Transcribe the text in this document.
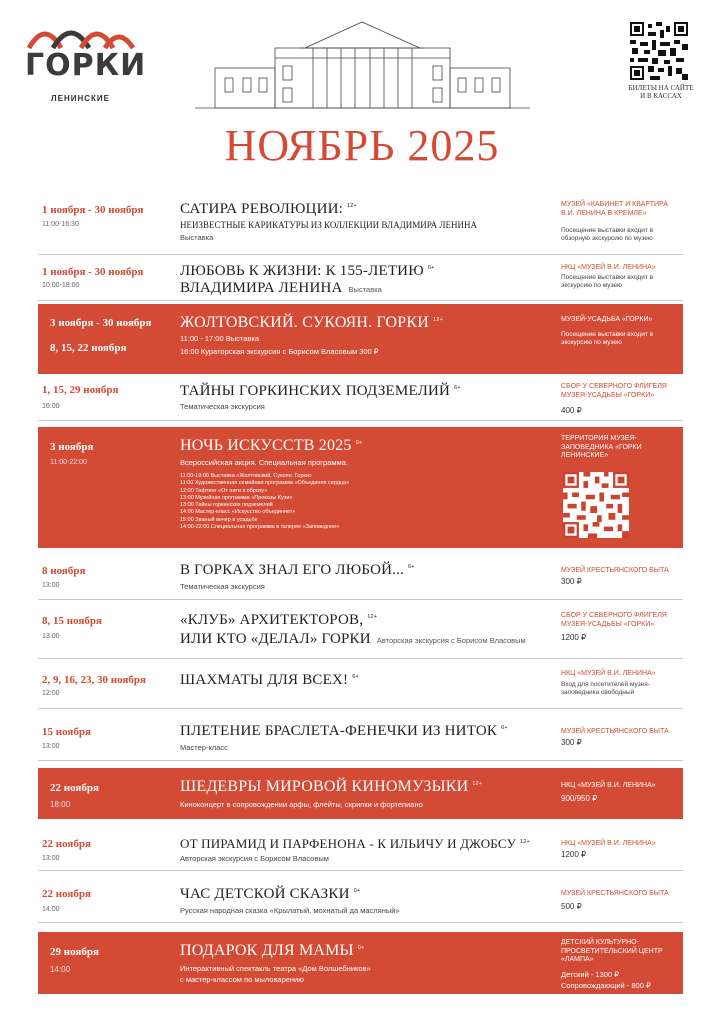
ГОРКИ
ЛЕНИНСКИЕ
БИЛЕТЫ НА САЙТЕ
И В КАССАХ
НОЯБРЬ 2025
1 ноября - 30 ноября
11:00-16:30
САТИРА РЕВОЛЮЦИИ: $^{12+}$
НЕИЗВЕСТНЫЕ КАРИКАТУРЫ ИЗ КОЛЛЕКЦИИ ВЛАДИМИРА ЛЕНИНА
Выставка
МУЗЕЙ «КАБИНЕТ И КВАРТИРА В.И. ЛЕНИНА В КРЕМЛЕ»
Посещение выставки входит в обзорную экскурсию по музею
1 ноября - 30 ноября
10:00-18:00
ЛЮБОВЬ К ЖИЗНИ: К 155-ЛЕТИЮ $^{6+}$
ВЛАДИМИРА ЛЕНИНА Выставка
НКЦ «МУЗЕЙ В.И. ЛЕНИНА»
Посещение выставки входит в экскурсию по музею
3 ноября - 30 ноября
8, 15, 22 ноября
ЖОЛТОВСКИЙ. СУКОЯН. ГОРКИ $^{12+}$
11:00 - 17:00 Выставка
16:00 Кураторская экскурсия с Борисом Власовым 300 ₽
МУЗЕЙ-УСАДЬБА «ГОРКИ»
Посещение выставки входит в экскурсию по музею
1, 15, 29 ноября
16:00
ТАЙНЫ ГОРКИНСКИХ ПОДЗЕМЕЛИЙ $^{6+}$
Тематическая экскурсия
СБОР У СЕВЕРНОГО ФЛИГЕЛЯ МУЗЕЯ-УСАДЬБЫ «ГОРКИ»
400 ₽
3 ноября
11:00-22:00
НОЧЬ ИСКУССТВ 2025 $^{0+}$
Всероссийская акция. Специальная программа.
11:00-19:00 Выставка «Жолтовский. Сукоян. Горки»
11:00 Художественная семейная программа «Объединяя сердца»
12:00 Тафтинг «От нити к образу»
13:00 Музейная программа «Проказы Кузи»
13:00 Тайны горкинских подземелий
14:00 Мастер-класс «Искусство объединяет»
15:00 Званый вечер в усадьбе
14:00-22:00 Специальная программа в галерее «Заповедное»
ТЕРРИТОРИЯ МУЗЕЯ-ЗАПОВЕДНИКА «ГОРКИ ЛЕНИНСКИЕ»
8 ноября
13:00
В ГОРКАХ ЗНАЛ ЕГО ЛЮБОЙ... $^{6+}$
Тематическая экскурсия
МУЗЕЙ КРЕСТЬЯНСКОГО БЫТА
300 ₽
8, 15 ноября
13:00
«КЛУБ» АРХИТЕКТОРОВ, $^{12+}$
ИЛИ КТО «ДЕЛАЛ» ГОРКИ Авторская экскурсия с Борисом Власовым
СБОР У СЕВЕРНОГО ФЛИГЕЛЯ МУЗЕЯ-УСАДЬБЫ «ГОРКИ»
1200 ₽
2, 9, 16, 23, 30 ноября
12:00
ШАХМАТЫ ДЛЯ ВСЕХ! $^{6+}$	НКЦ «МУЗЕЙ В.И. ЛЕНИНА»
Вход для посетителей музея-заповедника свободный
15 ноября
13:00
ПЛЕТЕНИЕ БРАСЛЕТА-ФЕНЕЧКИ ИЗ НИТОК $^{6+}$
Мастер-класс
МУЗЕЙ КРЕСТЬЯНСКОГО БЫТА
300 ₽
22 ноября
18:00
ШЕДЕВРЫ МИРОВОЙ КИНОМУЗЫКИ $^{12+}$
Киноконцерт в сопровождении арфы, флейты, скрипки и фортепиано
НКЦ «МУЗЕЙ В.И. ЛЕНИНА»
900/950 ₽
22 ноября
13:00
ОТ ПИРАМИД И ПАРФЕНОНА - К ИЛЬИЧУ И ДЖОБСУ $^{12+}$
Авторская экскурсия с Борисом Власовым
НКЦ «МУЗЕЙ В.И. ЛЕНИНА»
1200 ₽
22 ноября
14:00
ЧАС ДЕТСКОЙ СКАЗКИ $^{0+}$
Русская народная сказка «Крылатый, мохнатый да масляный»
МУЗЕЙ КРЕСТЬЯНСКОГО БЫТА
500 ₽
29 ноября
14:00
ПОДАРОК ДЛЯ МАМЫ $^{0+}$
Интерактивный спектакль театра «Дом Волшебников»
с мастер-классом по мыловарению
ДЕТСКИЙ КУЛЬТУРНО-ПРОСВЕТИТЕЛЬСКИЙ ЦЕНТР «ЛАМПА»
Детский - 1300 ₽
Сопровождающий - 800 ₽
